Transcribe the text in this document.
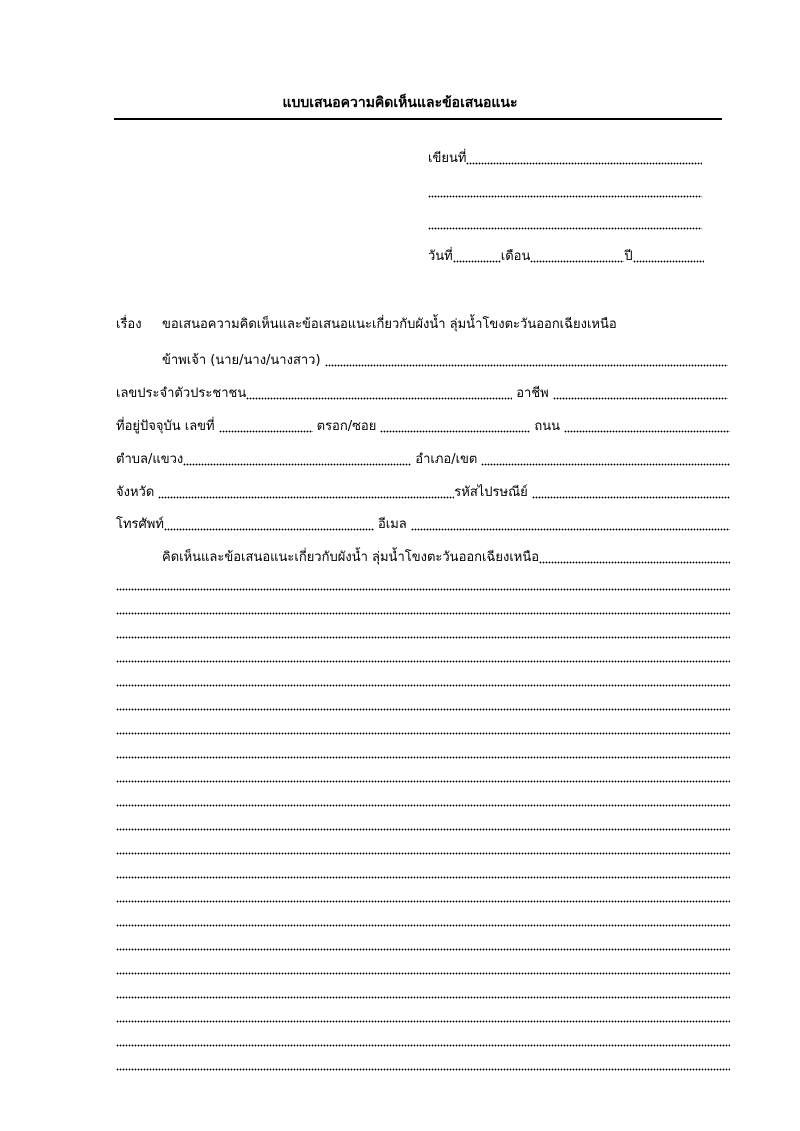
แบบเสนอความคิดเห็นและข้อเสนอแนะ
เขียนที่
วันที่	เดือน	ปี
เรื่อง	ขอเสนอความคิดเห็นและข้อเสนอแนะเกี่ยวกับผังน้ำ ลุ่มน้ำโขงตะวันออกเฉียงเหนือ
ข้าพเจ้า (นาย/นาง/นางสาว)
เลขประจำตัวประชาชน	อาชีพ
ที่อยู่ปัจจุบัน เลขที่	ตรอก/ซอย	ถนน
ตำบล/แขวง	อำเภอ/เขต
จังหวัด	รหัสไปรษณีย์
โทรศัพท์	อีเมล
คิดเห็นและข้อเสนอแนะเกี่ยวกับผังน้ำ ลุ่มน้ำโขงตะวันออกเฉียงเหนือ
